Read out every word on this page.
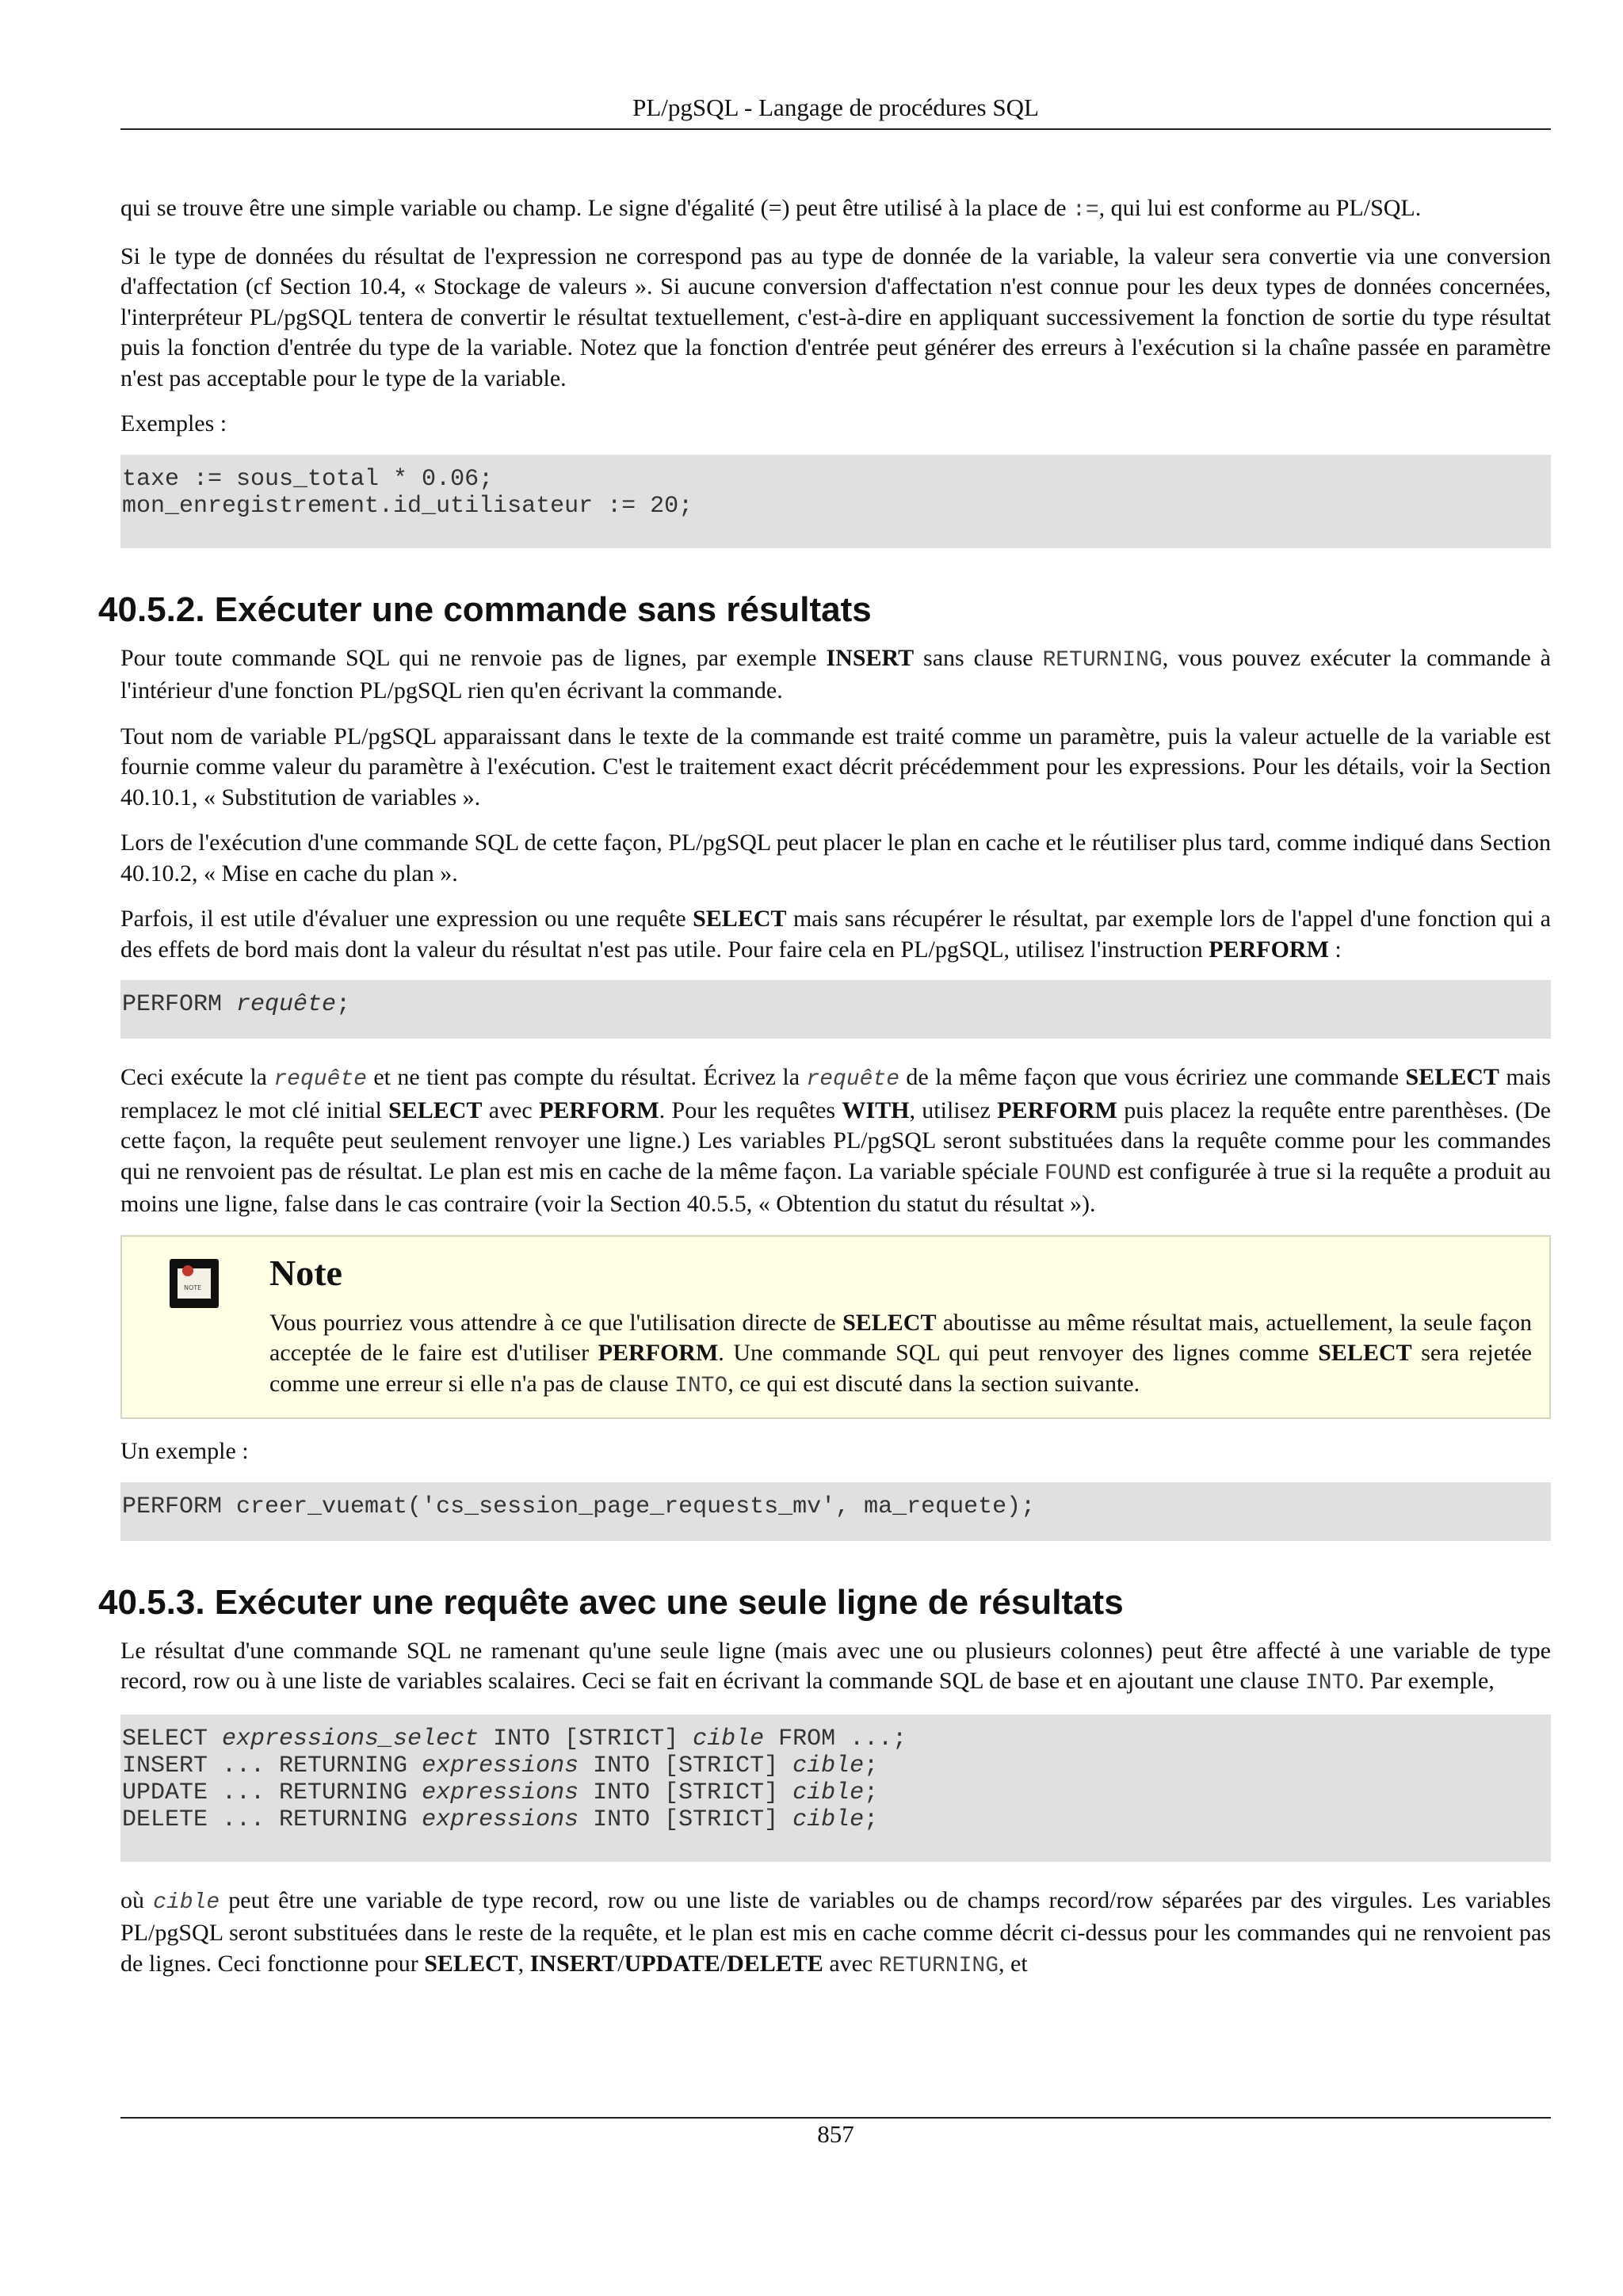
PL/pgSQL - Langage de procédures SQL

qui se trouve être une simple variable ou champ. Le signe d'égalité (=) peut être utilisé à la place de :=, qui lui est conforme au PL/SQL.

Si le type de données du résultat de l'expression ne correspond pas au type de donnée de la variable, la valeur sera convertie via une conversion d'affectation (cf Section 10.4, « Stockage de valeurs ». Si aucune conversion d'affectation n'est connue pour les deux types de données concernées, l'interpréteur PL/pgSQL tentera de convertir le résultat textuellement, c'est-à-dire en appliquant successivement la fonction de sortie du type résultat puis la fonction d'entrée du type de la variable. Notez que la fonction d'entrée peut générer des erreurs à l'exécution si la chaîne passée en paramètre n'est pas acceptable pour le type de la variable.

Exemples :

taxe := sous_total * 0.06;
mon_enregistrement.id_utilisateur := 20;
40.5.2. Exécuter une commande sans résultats

Pour toute commande SQL qui ne renvoie pas de lignes, par exemple INSERT sans clause RETURNING, vous pouvez exécuter la commande à l'intérieur d'une fonction PL/pgSQL rien qu'en écrivant la commande.

Tout nom de variable PL/pgSQL apparaissant dans le texte de la commande est traité comme un paramètre, puis la valeur actuelle de la variable est fournie comme valeur du paramètre à l'exécution. C'est le traitement exact décrit précédemment pour les expressions. Pour les détails, voir la Section 40.10.1, « Substitution de variables ».

Lors de l'exécution d'une commande SQL de cette façon, PL/pgSQL peut placer le plan en cache et le réutiliser plus tard, comme indiqué dans Section 40.10.2, « Mise en cache du plan ».

Parfois, il est utile d'évaluer une expression ou une requête SELECT mais sans récupérer le résultat, par exemple lors de l'appel d'une fonction qui a des effets de bord mais dont la valeur du résultat n'est pas utile. Pour faire cela en PL/pgSQL, utilisez l'instruction PERFORM :

PERFORM requête;

Ceci exécute la requête et ne tient pas compte du résultat. Écrivez la requête de la même façon que vous écririez une commande SELECT mais remplacez le mot clé initial SELECT avec PERFORM. Pour les requêtes WITH, utilisez PERFORM puis placez la requête entre parenthèses. (De cette façon, la requête peut seulement renvoyer une ligne.) Les variables PL/pgSQL seront substituées dans la requête comme pour les commandes qui ne renvoient pas de résultat. Le plan est mis en cache de la même façon. La variable spéciale FOUND est configurée à true si la requête a produit au moins une ligne, false dans le cas contraire (voir la Section 40.5.5, « Obtention du statut du résultat »).

NOTE Note

Vous pourriez vous attendre à ce que l'utilisation directe de SELECT aboutisse au même résultat mais, actuellement, la seule façon acceptée de le faire est d'utiliser PERFORM. Une commande SQL qui peut renvoyer des lignes comme SELECT sera rejetée comme une erreur si elle n'a pas de clause INTO, ce qui est discuté dans la section suivante.

Un exemple :

PERFORM creer_vuemat('cs_session_page_requests_mv', ma_requete);
40.5.3. Exécuter une requête avec une seule ligne de résultats

Le résultat d'une commande SQL ne ramenant qu'une seule ligne (mais avec une ou plusieurs colonnes) peut être affecté à une variable de type record, row ou à une liste de variables scalaires. Ceci se fait en écrivant la commande SQL de base et en ajoutant une clause INTO. Par exemple,

SELECT expressions_select INTO [STRICT] cible FROM ...;
INSERT ... RETURNING expressions INTO [STRICT] cible;
UPDATE ... RETURNING expressions INTO [STRICT] cible;
DELETE ... RETURNING expressions INTO [STRICT] cible;

où cible peut être une variable de type record, row ou une liste de variables ou de champs record/row séparées par des virgules. Les variables PL/pgSQL seront substituées dans le reste de la requête, et le plan est mis en cache comme décrit ci-dessus pour les commandes qui ne renvoient pas de lignes. Ceci fonctionne pour SELECT, INSERT/UPDATE/DELETE avec RETURNING, et

857
